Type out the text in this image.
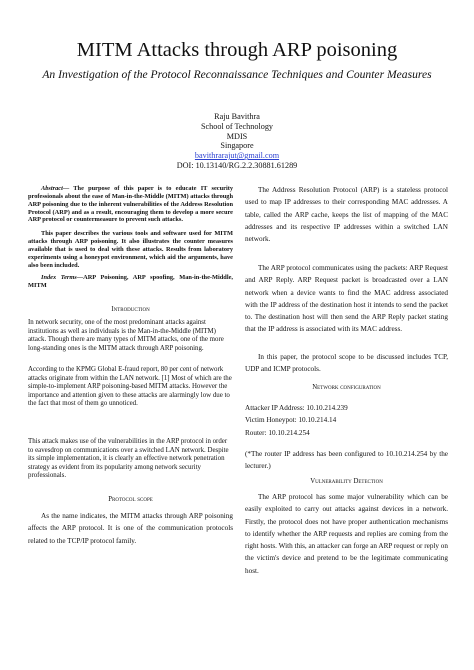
MITM Attacks through ARP poisoning
An Investigation of the Protocol Reconnaissance Techniques and Counter Measures
Raju Bavithra
School of Technology
MDIS
Singapore
bavithrarajut@gmail.com
DOI: 10.13140/RG.2.2.30881.61289
Abstract— The purpose of this paper is to educate IT security professionals about the ease of Man-in-the-Middle (MITM) attacks through ARP poisoning due to the inherent vulnerabilities of the Address Resolution Protocol (ARP) and as a result, encouraging them to develop a more secure ARP protocol or countermeasure to prevent such attacks.
This paper describes the various tools and software used for MITM attacks through ARP poisoning. It also illustrates the counter measures available that is used to deal with these attacks. Results from laboratory experiments using a honeypot environment, which aid the arguments, have also been included.
Index Terms—ARP Poisoning, ARP spoofing, Man-in-the-Middle, MITM
Introduction
In network security, one of the most predominant attacks against institutions as well as individuals is the Man-in-the-Middle (MITM) attack. Though there are many types of MITM attacks, one of the more long-standing ones is the MITM attack through ARP poisoning.
According to the KPMG Global E-fraud report, 80 per cent of network attacks originate from within the LAN network. [1] Most of which are the simple-to-implement ARP poisoning-based MITM attacks. However the importance and attention given to these attacks are alarmingly low due to the fact that most of them go unnoticed.
This attack makes use of the vulnerabilities in the ARP protocol in order to eavesdrop on communications over a switched LAN network. Despite its simple implementation, it is clearly an effective network penetration strategy as evident from its popularity among network security professionals.
Protocol scope
As the name indicates, the MITM attacks through ARP poisoning affects the ARP protocol. It is one of the communication protocols related to the TCP/IP protocol family.
The Address Resolution Protocol (ARP) is a stateless protocol used to map IP addresses to their corresponding MAC addresses. A table, called the ARP cache, keeps the list of mapping of the MAC addresses and its respective IP addresses within a switched LAN network.
The ARP protocol communicates using the packets: ARP Request and ARP Reply. ARP Request packet is broadcasted over a LAN network when a device wants to find the MAC address associated with the IP address of the destination host it intends to send the packet to. The destination host will then send the ARP Reply packet stating that the IP address is associated with its MAC address.
In this paper, the protocol scope to be discussed includes TCP, UDP and ICMP protocols.
Network configuration
Attacker IP Address: 10.10.214.239
Victim Honeypot: 10.10.214.14
Router: 10.10.214.254
(*The router IP address has been configured to 10.10.214.254 by the lecturer.)
Vulnerability Detection
The ARP protocol has some major vulnerability which can be easily exploited to carry out attacks against devices in a network. Firstly, the protocol does not have proper authentication mechanisms to identify whether the ARP requests and replies are coming from the right hosts. With this, an attacker can forge an ARP request or reply on the victim's device and pretend to be the legitimate communicating host.
